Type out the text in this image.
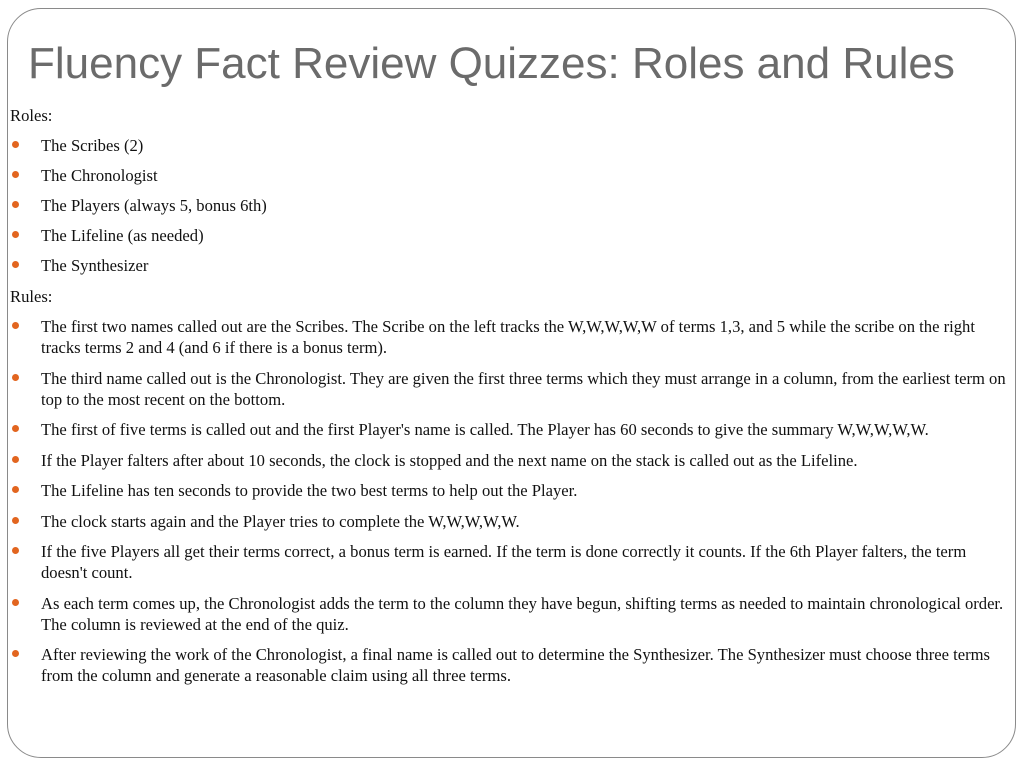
Fluency Fact Review Quizzes: Roles and Rules

Roles:

The Scribes (2)
The Chronologist
The Players (always 5, bonus 6th)
The Lifeline (as needed)
The Synthesizer

Rules:

The first two names called out are the Scribes. The Scribe on the left tracks the W,W,W,W,W of terms 1,3, and 5 while the scribe on the right tracks terms 2 and 4 (and 6 if there is a bonus term).
The third name called out is the Chronologist. They are given the first three terms which they must arrange in a column, from the earliest term on top to the most recent on the bottom.
The first of five terms is called out and the first Player's name is called. The Player has 60 seconds to give the summary W,W,W,W,W.
If the Player falters after about 10 seconds, the clock is stopped and the next name on the stack is called out as the Lifeline.
The Lifeline has ten seconds to provide the two best terms to help out the Player.
The clock starts again and the Player tries to complete the W,W,W,W,W.
If the five Players all get their terms correct, a bonus term is earned. If the term is done correctly it counts. If the 6th Player falters, the term doesn't count.
As each term comes up, the Chronologist adds the term to the column they have begun, shifting terms as needed to maintain chronological order. The column is reviewed at the end of the quiz.
After reviewing the work of the Chronologist, a final name is called out to determine the Synthesizer. The Synthesizer must choose three terms from the column and generate a reasonable claim using all three terms.
